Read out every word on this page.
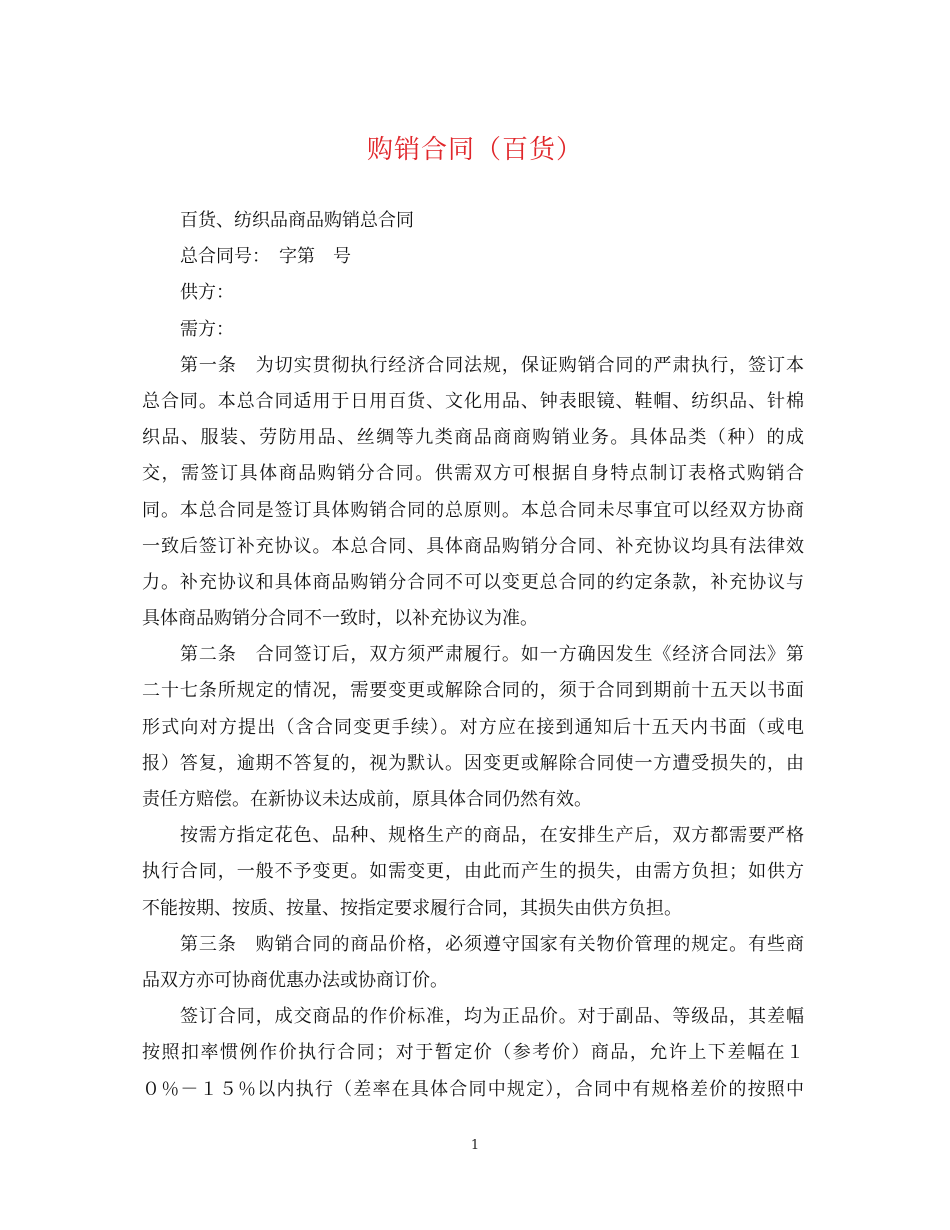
购销合同（百货）
百货、纺织品商品购销总合同
总合同号：　字第　号
供方：
需方：
第一条　为切实贯彻执行经济合同法规，保证购销合同的严肃执行，签订本
总合同。本总合同适用于日用百货、文化用品、钟表眼镜、鞋帽、纺织品、针棉
织品、服装、劳防用品、丝绸等九类商品商商购销业务。具体品类（种）的成
交，需签订具体商品购销分合同。供需双方可根据自身特点制订表格式购销合
同。本总合同是签订具体购销合同的总原则。本总合同未尽事宜可以经双方协商
一致后签订补充协议。本总合同、具体商品购销分合同、补充协议均具有法律效
力。补充协议和具体商品购销分合同不可以变更总合同的约定条款，补充协议与
具体商品购销分合同不一致时，以补充协议为准。
第二条　合同签订后，双方须严肃履行。如一方确因发生《经济合同法》第
二十七条所规定的情况，需要变更或解除合同的，须于合同到期前十五天以书面
形式向对方提出（含合同变更手续）。对方应在接到通知后十五天内书面（或电
报）答复，逾期不答复的，视为默认。因变更或解除合同使一方遭受损失的，由
责任方赔偿。在新协议未达成前，原具体合同仍然有效。
按需方指定花色、品种、规格生产的商品，在安排生产后，双方都需要严格
执行合同，一般不予变更。如需变更，由此而产生的损失，由需方负担；如供方
不能按期、按质、按量、按指定要求履行合同，其损失由供方负担。
第三条　购销合同的商品价格，必须遵守国家有关物价管理的规定。有些商
品双方亦可协商优惠办法或协商订价。
签订合同，成交商品的作价标准，均为正品价。对于副品、等级品，其差幅
按照扣率惯例作价执行合同；对于暂定价（参考价）商品，允许上下差幅在１
０％－１５％以内执行（差率在具体合同中规定），合同中有规格差价的按照中
1
